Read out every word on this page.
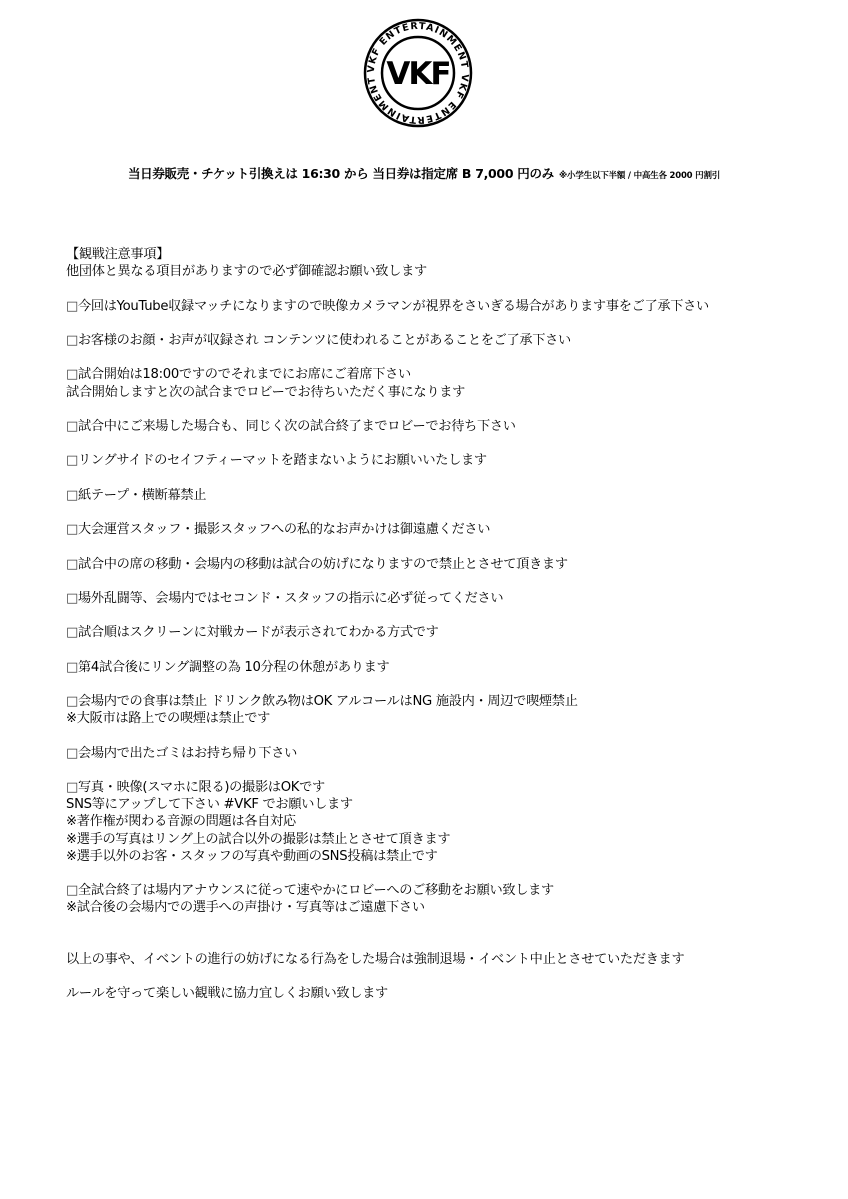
VKF ENTERTAINMENT VKF ENTERTAINMENT VKF
当日券販売・チケット引換えは 16:30 から 当日券は指定席 B 7,000 円のみ ※小学生以下半額 / 中高生各 2000 円割引
【観戦注意事項】
他団体と異なる項目がありますので必ず御確認お願い致します
□今回はYouTube収録マッチになりますので映像カメラマンが視界をさいぎる場合があります事をご了承下さい
□お客様のお顔・お声が収録され コンテンツに使われることがあることをご了承下さい
□試合開始は18:00ですのでそれまでにお席にご着席下さい
試合開始しますと次の試合までロビーでお待ちいただく事になります
□試合中にご来場した場合も、同じく次の試合終了までロビーでお待ち下さい
□リングサイドのセイフティーマットを踏まないようにお願いいたします
□紙テープ・横断幕禁止
□大会運営スタッフ・撮影スタッフへの私的なお声かけは御遠慮ください
□試合中の席の移動・会場内の移動は試合の妨げになりますので禁止とさせて頂きます
□場外乱闘等、会場内ではセコンド・スタッフの指示に必ず従ってください
□試合順はスクリーンに対戦カードが表示されてわかる方式です
□第4試合後にリング調整の為 10分程の休憩があります
□会場内での食事は禁止 ドリンク飲み物はOK アルコールはNG 施設内・周辺で喫煙禁止
※大阪市は路上での喫煙は禁止です
□会場内で出たゴミはお持ち帰り下さい
□写真・映像(スマホに限る)の撮影はOKです
SNS等にアップして下さい #VKF でお願いします
※著作権が関わる音源の問題は各自対応
※選手の写真はリング上の試合以外の撮影は禁止とさせて頂きます
※選手以外のお客・スタッフの写真や動画のSNS投稿は禁止です
□全試合終了は場内アナウンスに従って速やかにロビーへのご移動をお願い致します
※試合後の会場内での選手への声掛け・写真等はご遠慮下さい
以上の事や、イベントの進行の妨げになる行為をした場合は強制退場・イベント中止とさせていただきます
ルールを守って楽しい観戦に協力宜しくお願い致します
